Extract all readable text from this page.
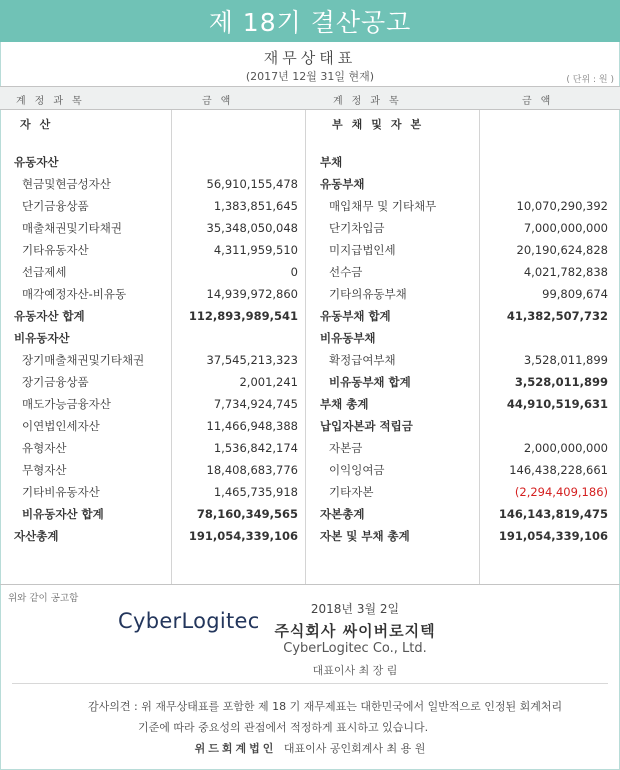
제 18기 결산공고
재무상태표
(2017년 12월 31일 현재)	( 단위 : 원 )
계정과목	금액	계정과목	금액
자산	부채및자본
유동자산
현금및현금성자산	56,910,155,478
단기금융상품	1,383,851,645
매출채권및기타채권	35,348,050,048
기타유동자산	4,311,959,510
선급제세	0
매각예정자산-비유동	14,939,972,860
유동자산 합계	112,893,989,541
비유동자산
장기매출채권및기타채권	37,545,213,323
장기금융상품	2,001,241
매도가능금융자산	7,734,924,745
이연법인세자산	11,466,948,388
유형자산	1,536,842,174
무형자산	18,408,683,776
기타비유동자산	1,465,735,918
비유동자산 합계	78,160,349,565
자산총계	191,054,339,106
부채
유동부채
매입채무 및 기타채무	10,070,290,392
단기차입금	7,000,000,000
미지급법인세	20,190,624,828
선수금	4,021,782,838
기타의유동부채	99,809,674
유동부채 합계	41,382,507,732
비유동부채
확정급여부채	3,528,011,899
비유동부채 합계	3,528,011,899
부채 총계	44,910,519,631
납입자본과 적립금
자본금	2,000,000,000
이익잉여금	146,438,228,661
기타자본	(2,294,409,186)
자본총계	146,143,819,475
자본 및 부채 총계	191,054,339,106
위와 같이 공고함
CyberLogitec	2018년 3월 2일
주식회사 싸이버로지텍
CyberLogitec Co., Ltd.
대표이사 최 장 림
감사의견 : 위 재무상태표를 포함한 제 18 기 재무제표는 대한민국에서 일반적으로 인정된 회계처리
기준에 따라 중요성의 관점에서 적정하게 표시하고 있습니다.
위드회계법인 대표이사 공인회계사 최 용 원
